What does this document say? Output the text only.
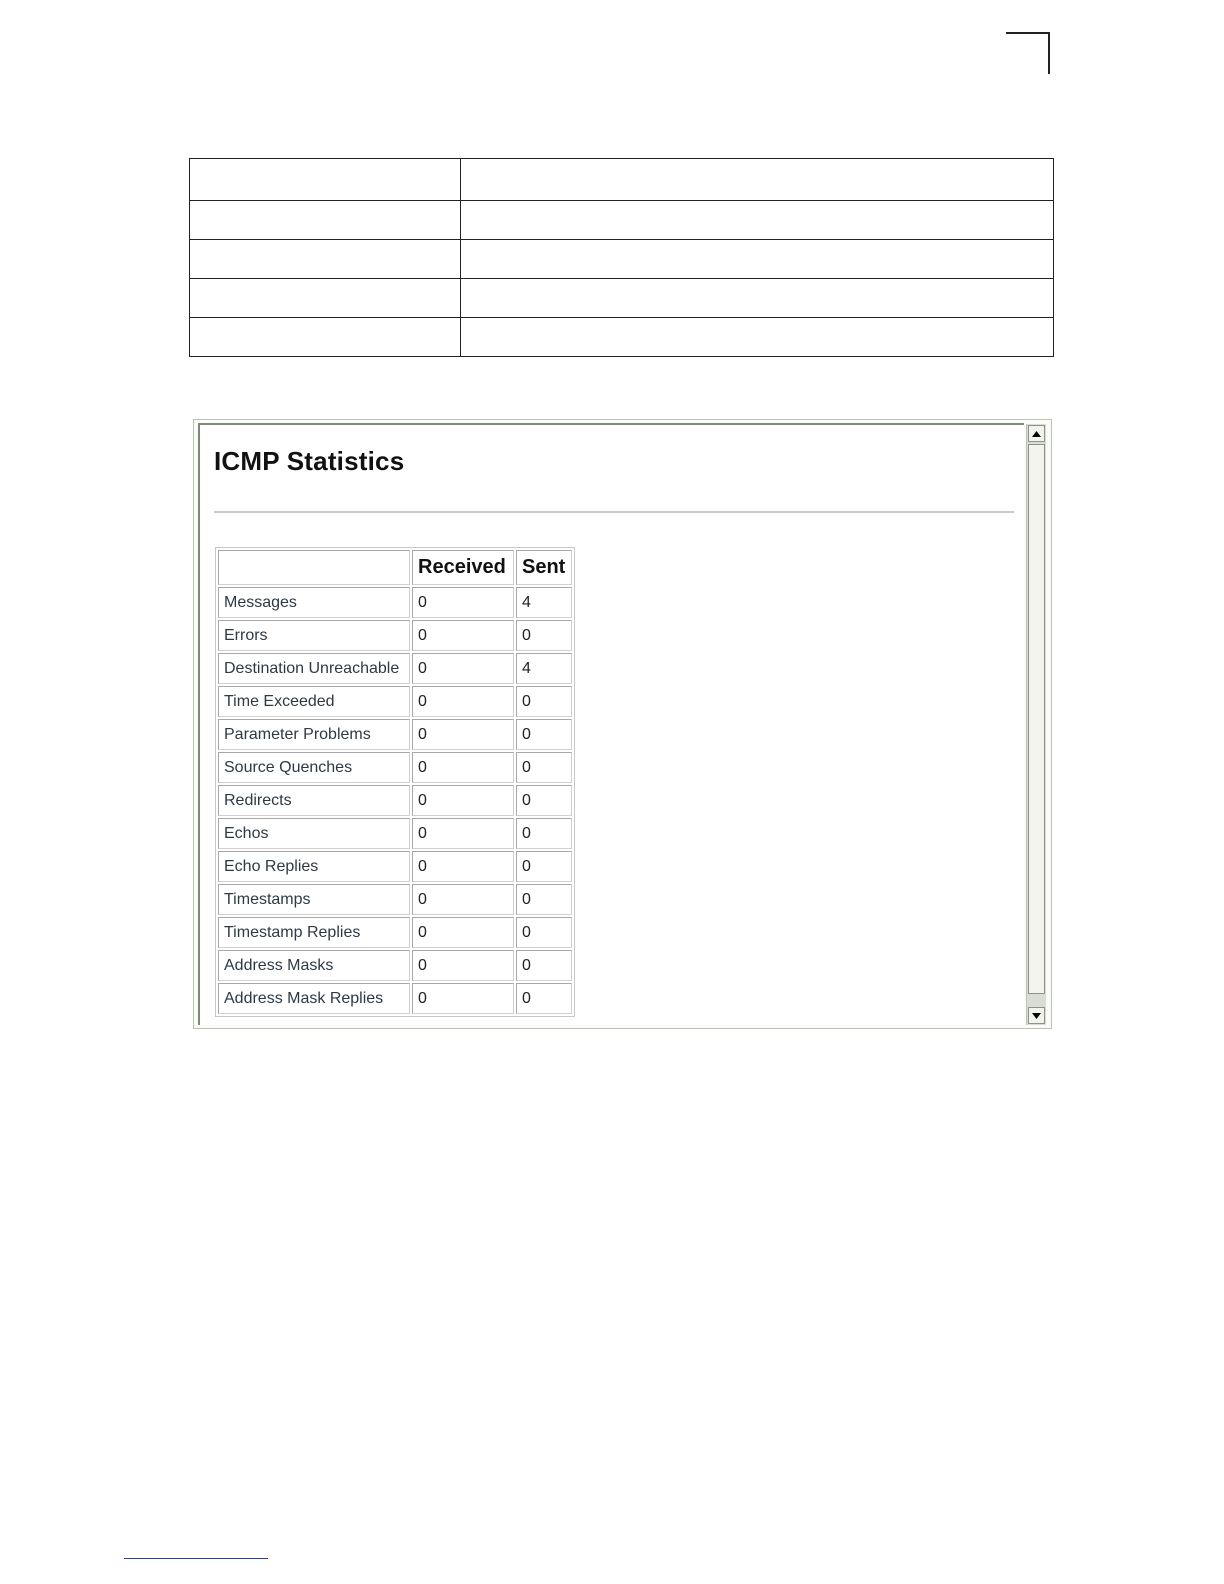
ICMP Statistics
	Received	Sent
Messages	0	4
Errors	0	0
Destination Unreachable	0	4
Time Exceeded	0	0
Parameter Problems	0	0
Source Quenches	0	0
Redirects	0	0
Echos	0	0
Echo Replies	0	0
Timestamps	0	0
Timestamp Replies	0	0
Address Masks	0	0
Address Mask Replies	0	0
